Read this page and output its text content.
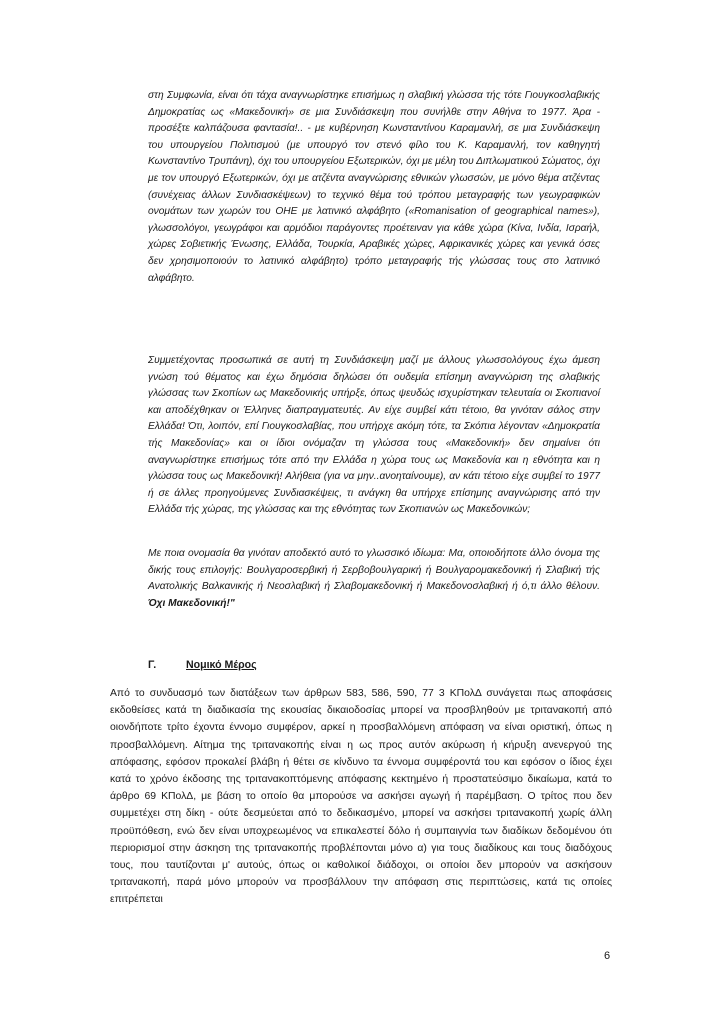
στη Συμφωνία, είναι ότι τάχα αναγνωρίστηκε επισήμως η σλαβική γλώσσα τής τότε Γιουγκοσλαβικής Δημοκρατίας ως «Μακεδονική» σε μια Συνδιάσκεψη που συνήλθε στην Αθήνα το 1977. Άρα - προσέξτε καλπάζουσα φαντασία!.. - με κυβέρνηση Κωνσταντίνου Καραμανλή, σε μια Συνδιάσκεψη του υπουργείου Πολιτισμού (με υπουργό τον στενό φίλο του Κ. Καραμανλή, τον καθηγητή Κωνσταντίνο Τρυπάνη), όχι του υπουργείου Εξωτερικών, όχι με μέλη του Διπλωματικού Σώματος, όχι με τον υπουργό Εξωτερικών, όχι με ατζέντα αναγνώρισης εθνικών γλωσσών, με μόνο θέμα ατζέντας (συνέχειας άλλων Συνδιασκέψεων) το τεχνικό θέμα τού τρόπου μεταγραφής των γεωγραφικών ονομάτων των χωρών του ΟΗΕ με λατινικό αλφάβητο («Romanisation of geographical names»), γλωσσολόγοι, γεωγράφοι και αρμόδιοι παράγοντες προέτειναν για κάθε χώρα (Κίνα, Ινδία, Ισραήλ, χώρες Σοβιετικής Ένωσης, Ελλάδα, Τουρκία, Αραβικές χώρες, Αφρικανικές χώρες και γενικά όσες δεν χρησιμοποιούν το λατινικό αλφάβητο) τρόπο μεταγραφής τής γλώσσας τους στο λατινικό αλφάβητο.

Συμμετέχοντας προσωπικά σε αυτή τη Συνδιάσκεψη μαζί με άλλους γλωσσολόγους έχω άμεση γνώση τού θέματος και έχω δημόσια δηλώσει ότι ουδεμία επίσημη αναγνώριση της σλαβικής γλώσσας των Σκοπίων ως Μακεδονικής υπήρξε, όπως ψευδώς ισχυρίστηκαν τελευταία οι Σκοπιανοί και αποδέχθηκαν οι Έλληνες διαπραγματευτές. Αν είχε συμβεί κάτι τέτοιο, θα γινόταν σάλος στην Ελλάδα! Ότι, λοιπόν, επί Γιουγκοσλαβίας, που υπήρχε ακόμη τότε, τα Σκόπια λέγονταν «Δημοκρατία τής Μακεδονίας» και οι ίδιοι ονόμαζαν τη γλώσσα τους «Μακεδονική» δεν σημαίνει ότι αναγνωρίστηκε επισήμως τότε από την Ελλάδα η χώρα τους ως Μακεδονία και η εθνότητα και η γλώσσα τους ως Μακεδονική! Αλήθεια (για να μην..ανοηταίνουμε), αν κάτι τέτοιο είχε συμβεί το 1977 ή σε άλλες προηγούμενες Συνδιασκέψεις, τι ανάγκη θα υπήρχε επίσημης αναγνώρισης από την Ελλάδα τής χώρας, της γλώσσας και της εθνότητας των Σκοπιανών ως Μακεδονικών;

Με ποια ονομασία θα γινόταν αποδεκτό αυτό το γλωσσικό ιδίωμα: Μα, οποιοδήποτε άλλο όνομα της δικής τους επιλογής: Βουλγαροσερβική ή Σερβοβουλγαρική ή Βουλγαρομακεδονική ή Σλαβική τής Ανατολικής Βαλκανικής ή Νεοσλαβική ή Σλαβομακεδονική ή Μακεδονοσλαβική ή ό,τι άλλο θέλουν. Όχι Μακεδονική!"

Γ.	Νομικό Μέρος

Από το συνδυασμό των διατάξεων των άρθρων 583, 586, 590, 77 3 ΚΠολΔ συνάγεται πως αποφάσεις εκδοθείσες κατά τη διαδικασία της εκουσίας δικαιοδοσίας μπορεί να προσβληθούν με τριτανακοπή από οιονδήποτε τρίτο έχοντα έννομο συμφέρον, αρκεί η προσβαλλόμενη απόφαση να είναι οριστική, όπως η προσβαλλόμενη. Αίτημα της τριτανακοπής είναι η ως προς αυτόν ακύρωση ή κήρυξη ανενεργού της απόφασης, εφόσον προκαλεί βλάβη ή θέτει σε κίνδυνο τα έννομα συμφέροντά του και εφόσον ο ίδιος έχει κατά το χρόνο έκδοσης της τριτανακοπτόμενης απόφασης κεκτημένο ή προστατεύσιμο δικαίωμα, κατά το άρθρο 69 ΚΠολΔ, με βάση το οποίο θα μπορούσε να ασκήσει αγωγή ή παρέμβαση. Ο τρίτος που δεν συμμετέχει στη δίκη - ούτε δεσμεύεται από το δεδικασμένο, μπορεί να ασκήσει τριτανακοπή χωρίς άλλη προϋπόθεση, ενώ δεν είναι υποχρεωμένος να επικαλεστεί δόλο ή συμπαιγνία των διαδίκων δεδομένου ότι περιορισμοί στην άσκηση της τριτανακοπής προβλέπονται μόνο α) για τους διαδίκους και τους διαδόχους τους, που ταυτίζονται μ' αυτούς, όπως οι καθολικοί διάδοχοι, οι οποίοι δεν μπορούν να ασκήσουν τριτανακοπή, παρά μόνο μπορούν να προσβάλλουν την απόφαση στις περιπτώσεις, κατά τις οποίες επιτρέπεται

6
